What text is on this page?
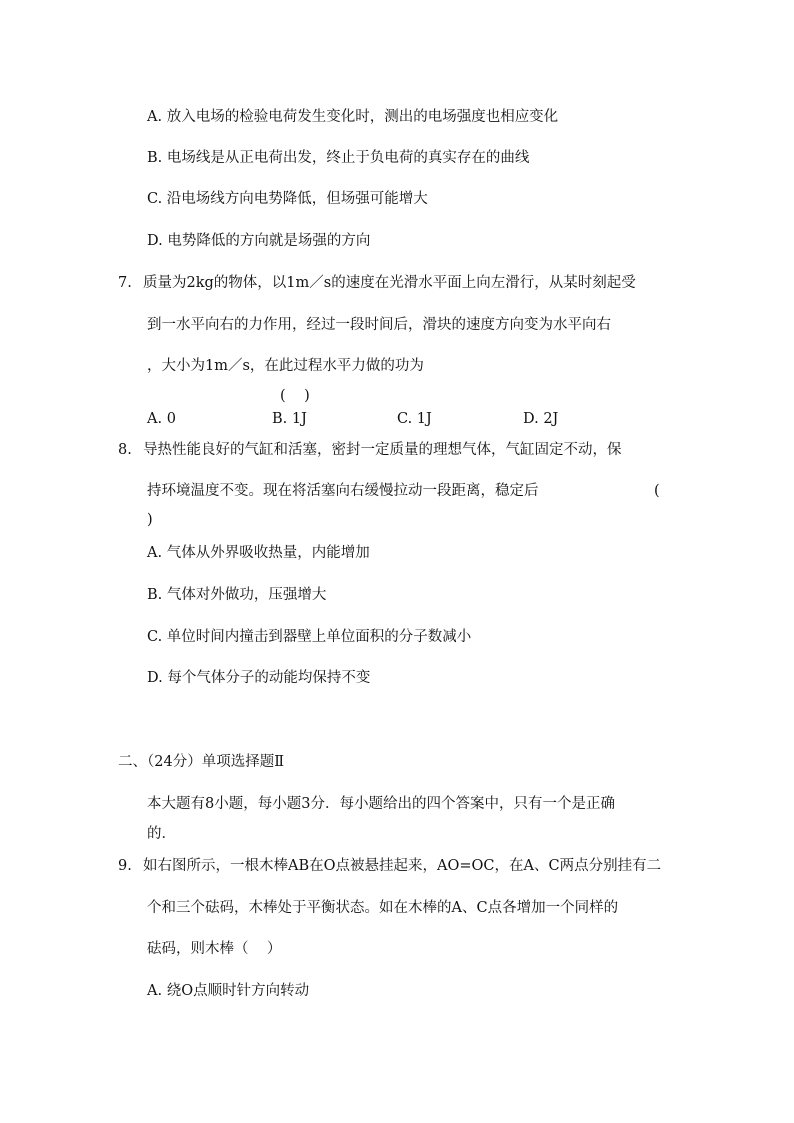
A. 放入电场的检验电荷发生变化时，测出的电场强度也相应变化
B. 电场线是从正电荷出发，终止于负电荷的真实存在的曲线
C. 沿电场线方向电势降低，但场强可能增大
D. 电势降低的方向就是场强的方向
7. 质量为2kg的物体，以1m／s的速度在光滑水平面上向左滑行，从某时刻起受
到一水平向右的力作用，经过一段时间后，滑块的速度方向变为水平向右
，大小为1m／s，在此过程水平力做的功为
(    )
A. 0	B. 1J	C. 1J	D. 2J
8. 导热性能良好的气缸和活塞，密封一定质量的理想气体，气缸固定不动，保
持环境温度不变。现在将活塞向右缓慢拉动一段距离，稳定后	(
)
A. 气体从外界吸收热量，内能增加
B. 气体对外做功，压强增大
C. 单位时间内撞击到器壁上单位面积的分子数减小
D. 每个气体分子的动能均保持不变
二、（24分）单项选择题Ⅱ
本大题有8小题，每小题3分．每小题给出的四个答案中，只有一个是正确
的．
9. 如右图所示，一根木棒AB在O点被悬挂起来，AO=OC，在A、C两点分别挂有二
个和三个砝码，木棒处于平衡状态。如在木棒的A、C点各增加一个同样的
砝码，则木棒（    ）
A. 绕O点顺时针方向转动
